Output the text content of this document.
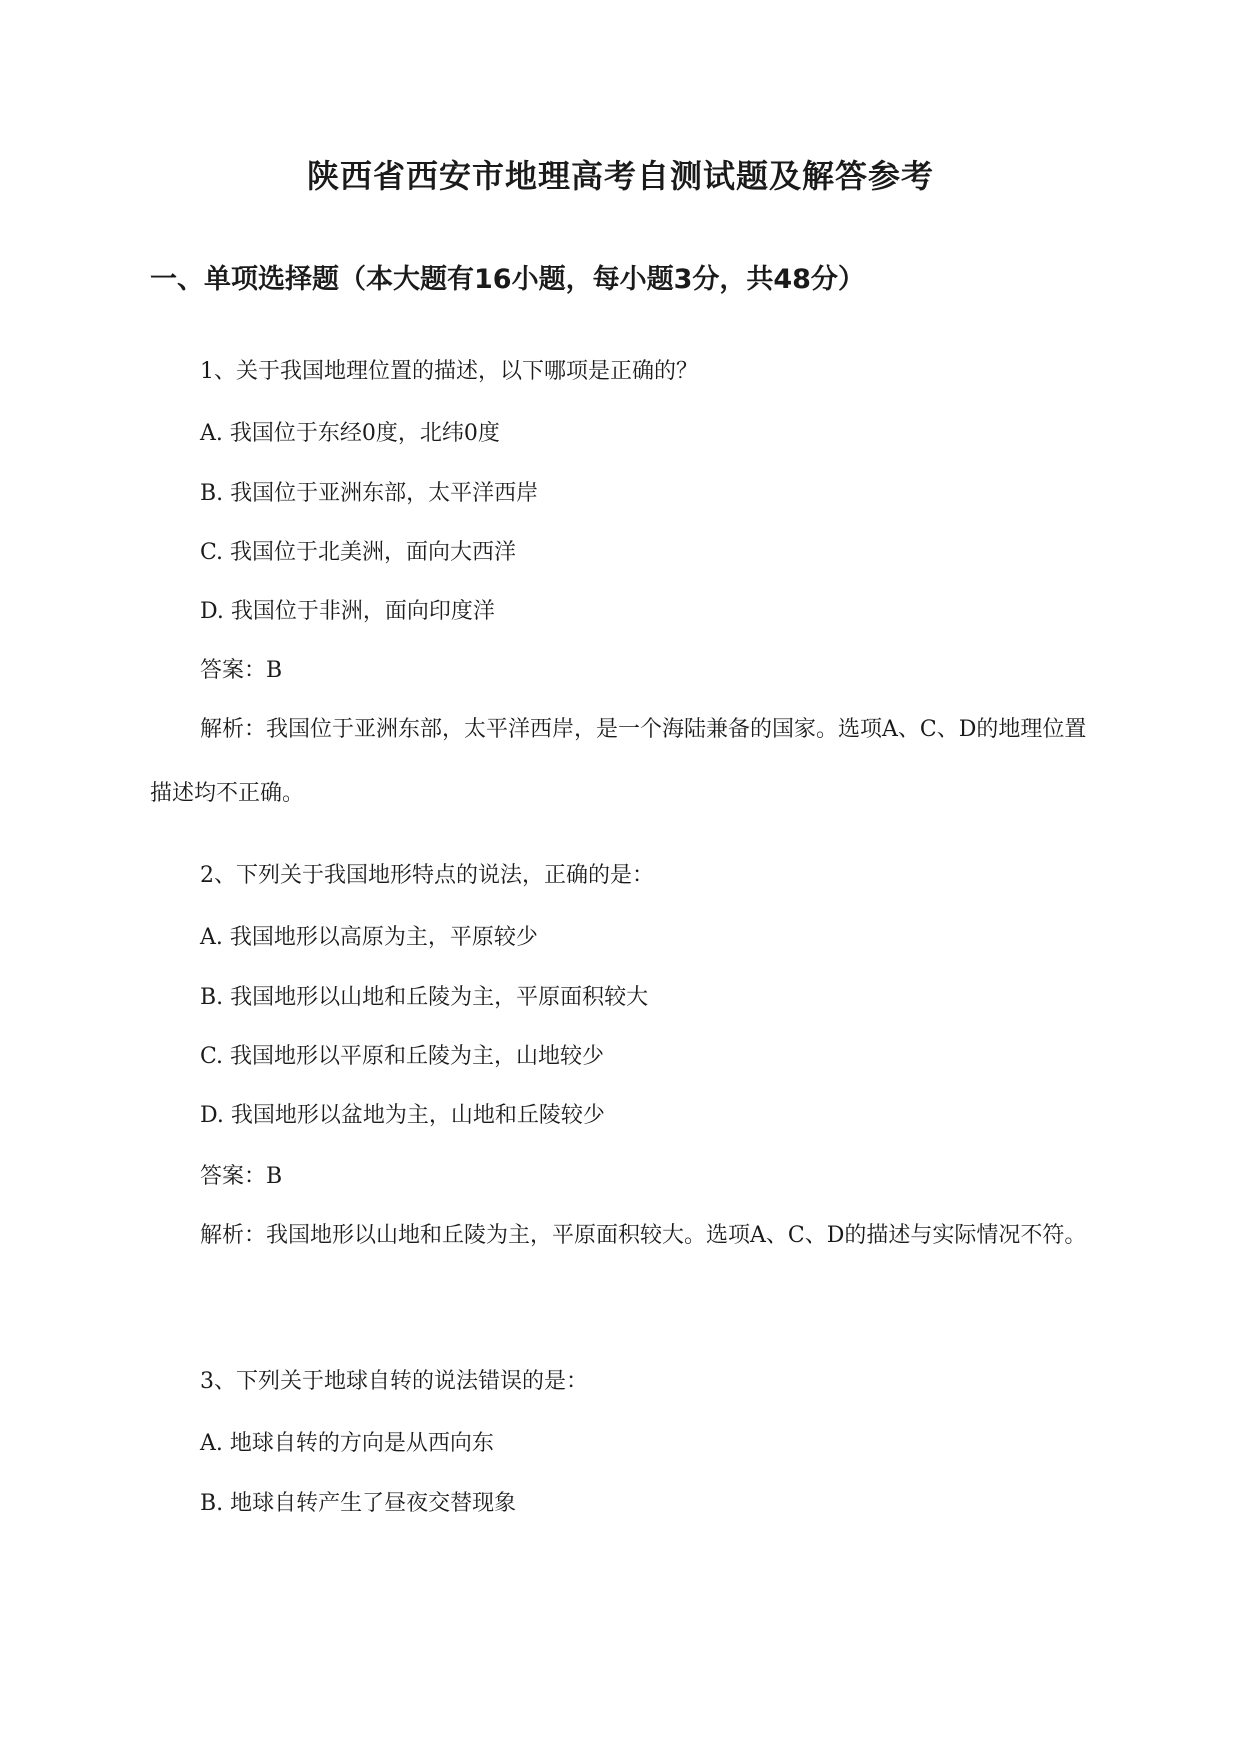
陕西省西安市地理高考自测试题及解答参考
一、单项选择题（本大题有16小题，每小题3分，共48分）
1、关于我国地理位置的描述，以下哪项是正确的？
A. 我国位于东经0度，北纬0度
B. 我国位于亚洲东部，太平洋西岸
C. 我国位于北美洲，面向大西洋
D. 我国位于非洲，面向印度洋
答案：B
解析：我国位于亚洲东部，太平洋西岸，是一个海陆兼备的国家。选项A、C、D的地理位置描述均不正确。
2、下列关于我国地形特点的说法，正确的是：
A. 我国地形以高原为主，平原较少
B. 我国地形以山地和丘陵为主，平原面积较大
C. 我国地形以平原和丘陵为主，山地较少
D. 我国地形以盆地为主，山地和丘陵较少
答案：B
解析：我国地形以山地和丘陵为主，平原面积较大。选项A、C、D的描述与实际情况不符。
3、下列关于地球自转的说法错误的是：
A. 地球自转的方向是从西向东
B. 地球自转产生了昼夜交替现象
